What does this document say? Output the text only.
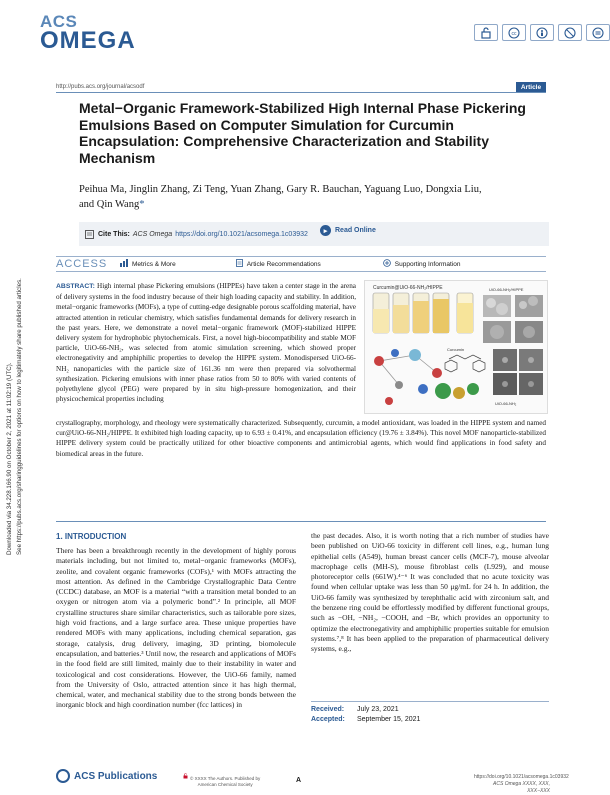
Downloaded via 34.228.166.90 on October 2, 2021 at 11:02:19 (UTC). See https://pubs.acs.org/sharingguidelines for options on how to legitimately share published articles.
ACS
OMEGA	cc
http://pubs.acs.org/journal/acsodf	Article
Metal−Organic Framework-Stabilized High Internal Phase Pickering Emulsions Based on Computer Simulation for Curcumin Encapsulation: Comprehensive Characterization and Stability Mechanism
Peihua Ma, Jinglin Zhang, Zi Teng, Yuan Zhang, Gary R. Bauchan, Yaguang Luo, Dongxia Liu, and Qin Wang*
Cite This: ACS Omega https://doi.org/10.1021/acsomega.1c03932	▸	Read Online
ACCESS	Metrics & More	Article Recommendations	Supporting Information

ABSTRACT: High internal phase Pickering emulsions (HIPPEs) have taken a center stage in the arena of delivery systems in the food industry because of their high loading capacity and stability. In addition, metal−organic frameworks (MOFs), a type of cutting-edge designable porous scaffolding material, have attracted attention in reticular chemistry, which satisfies fundamental demands for delivery research in the past years. Here, we demonstrate a novel metal−organic framework (MOF)-stabilized HIPPE delivery system for hydrophobic phytochemicals. First, a novel high-biocompatibility and stable MOF particle, UiO-66-NH₂, was selected from atomic simulation screening, which showed proper electronegativity and amphiphilic properties to develop the HIPPE system. Monodispersed UiO-66-NH₂ nanoparticles with the particle size of 161.36 nm were then prepared via solvothermal synthesization. Pickering emulsions with inner phase ratios from 50 to 80% with varied contents of polyethylene glycol (PEG) were prepared by in situ high-pressure homogenization, and their physicochemical properties including

Curcumin@UiO-66-NH₂/HIPPE	UiO-66-NH₂/HIPPE
Curcumin
UiO-66-NH₂

crystallography, morphology, and rheology were systematically characterized. Subsequently, curcumin, a model antioxidant, was loaded in the HIPPE system and named cur@UiO-66-NH₂/HIPPE. It exhibited high loading capacity, up to 6.93 ± 0.41%, and encapsulation efficiency (19.76 ± 3.84%). This novel MOF nanoparticle-stabilized HIPPE delivery system could be practically utilized for other bioactive components and antimicrobial agents, which would find applications in food safety and biomedical areas in the future.

1. INTRODUCTION

There has been a breakthrough recently in the development of highly porous materials including, but not limited to, metal−organic frameworks (MOFs), zeolite, and covalent organic frameworks (COFs),¹ with MOFs attracting the most attention. As defined in the Cambridge Crystallographic Data Centre (CCDC) database, an MOF is a material “with a transition metal bonded to an oxygen or nitrogen atom via a polymeric bond”.² In principle, all MOF crystalline structures share similar characteristics, such as tailorable pore sizes, high void fractions, and a large surface area. These unique properties have rendered MOFs with many applications, including chemical separation, gas storage, catalysis, drug delivery, imaging, 3D printing, biomolecule encapsulation, and batteries.³ Until now, the research and applications of MOFs in the food field are still limited, mainly due to their instability in water and toxicological and cost considerations. However, the UiO-66 family, named from the University of Oslo, attracted attention since it has high thermal, chemical, water, and mechanical stability due to the strong bonds between the inorganic block and high coordination number (fcc lattices) in

the past decades. Also, it is worth noting that a rich number of studies have been published on UiO-66 toxicity in different cell lines, e.g., human lung epithelial cells (A549), human breast cancer cells (MCF-7), mouse alveolar macrophage cells (MH-S), mouse fibroblast cells (L929), and mouse photoreceptor cells (661W).⁴⁻⁶ It was concluded that no acute toxicity was found when cellular uptake was less than 50 μg/mL for 24 h. In addition, the UiO-66 family was synthesized by terephthalic acid with zirconium salt, and the benzene ring could be effortlessly modified by different functional groups, such as −OH, −NH₂, −COOH, and −Br, which provides an opportunity to optimize the electronegativity and amphiphilic properties suitable for emulsion systems.⁷,⁸ It has been applied to the preparation of pharmaceutical delivery systems, e.g.,

Received: July 23, 2021
Accepted: September 15, 2021
ACS Publications	© XXXX The Authors. Published by
American Chemical Society	A	https://doi.org/10.1021/acsomega.1c03932
ACS Omega XXXX, XXX, XXX−XXX
